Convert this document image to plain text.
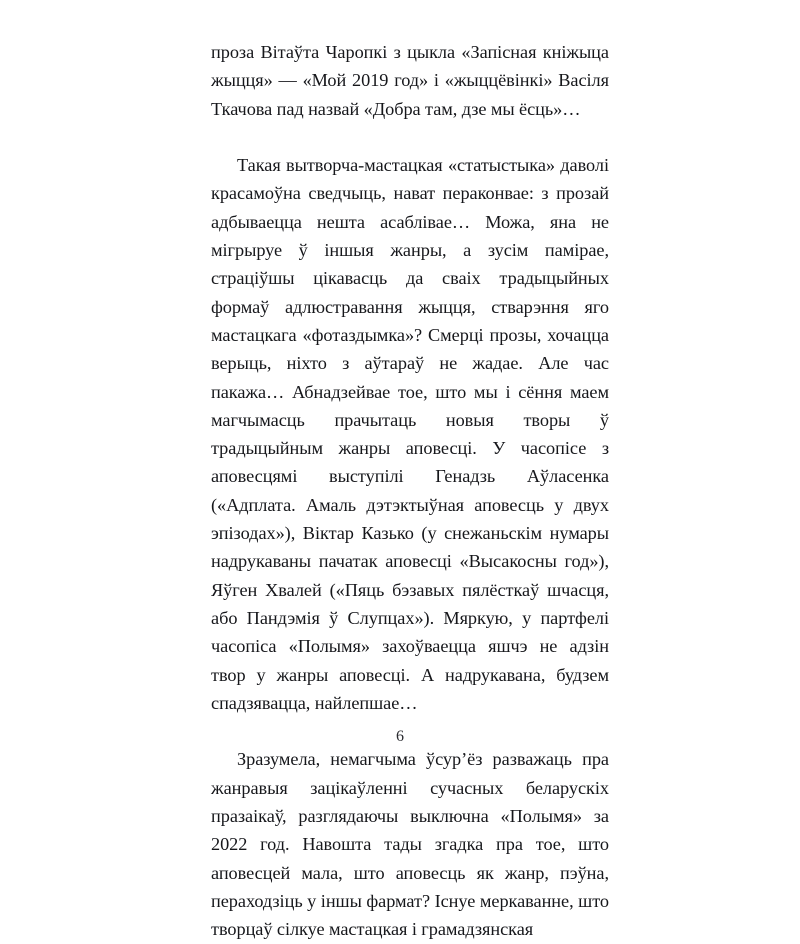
проза Вітаўта Чаропкі з цыкла «Запісная кніжыца жыцця» — «Мой 2019 год» і «жыццёвінкі» Васіля Ткачова пад назвай «Добра там, дзе мы ёсць»…

Такая вытворча-мастацкая «статыстыка» даволі красамоўна сведчыць, нават пераконвае: з прозай адбываецца нешта асаблівае… Можа, яна не мігрыруе ў іншыя жанры, а зусім памірае, страціўшы цікавасць да сваіх традыцыйных формаў адлюстравання жыцця, стварэння яго мастацкага «фотаздымка»? Смерці прозы, хочацца верыць, ніхто з аўтараў не жадае. Але час пакажа… Абнадзейвае тое, што мы і сёння маем магчымасць прачытаць новыя творы ў традыцыйным жанры аповесці. У часопісе з аповесцямі выступілі Генадзь Аўласенка («Адплата. Амаль дэтэктыўная аповесць у двух эпізодах»), Віктар Казько (у снежаньскім нумары надрукаваны пачатак аповесці «Высакосны год»), Яўген Хвалей («Пяць бэзавых пялёсткаў шчасця, або Пандэмія ў Слупцах»). Мяркую, у партфелі часопіса «Полымя» захоўваецца яшчэ не адзін твор у жанры аповесці. А надрукавана, будзем спадзявацца, найлепшае…

Зразумела, немагчыма ўсур’ёз разважаць пра жанравыя зацікаўленні сучасных беларускіх празаікаў, разглядаючы выключна «Полымя» за 2022 год. Навошта тады згадка пра тое, што аповесцей мала, што аповесць як жанр, пэўна, пераходзіць у іншы фармат? Існуе меркаванне, што творцаў сілкуе мастацкая і грамадзянская

6
